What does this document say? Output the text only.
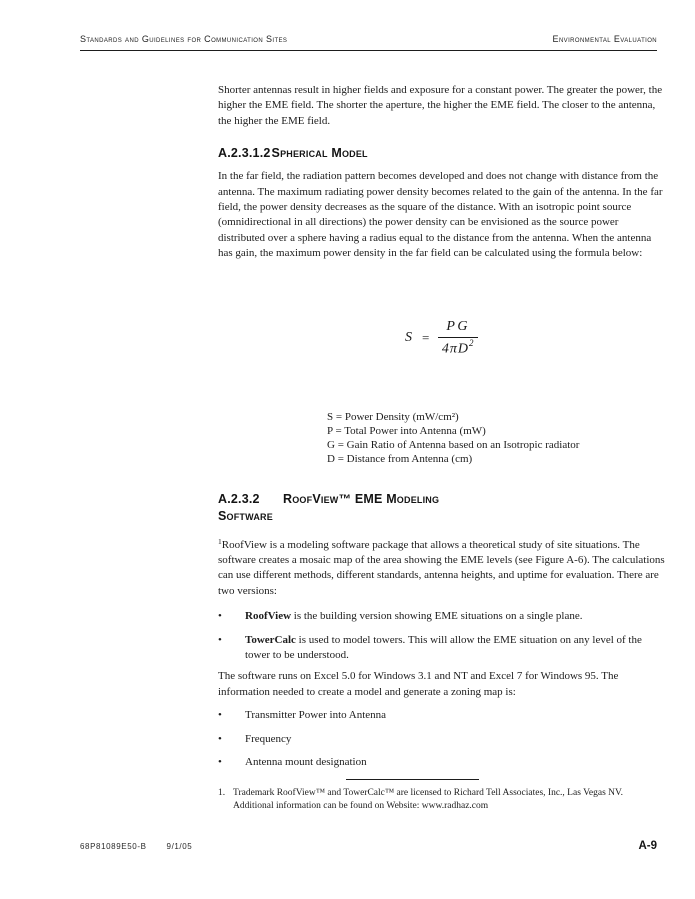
Standards and Guidelines for Communication Sites	Environmental Evaluation

Shorter antennas result in higher fields and exposure for a constant power. The greater the power, the higher the EME field. The shorter the aperture, the higher the EME field. The closer to the antenna, the higher the EME field.

A.2.3.1.2Spherical Model

In the far field, the radiation pattern becomes developed and does not change with distance from the antenna. The maximum radiating power density becomes related to the gain of the antenna. In the far field, the power density decreases as the square of the distance. With an isotropic point source (omnidirectional in all directions) the power density can be envisioned as the source power distributed over a sphere having a radius equal to the distance from the antenna. When the antenna has gain, the maximum power density in the far field can be calculated using the formula below:

$S = \frac{PG}{4\pi D^2}$
S = Power Density (mW/cm²)
P = Total Power into Antenna (mW)
G = Gain Ratio of Antenna based on an Isotropic radiator
D = Distance from Antenna (cm)
A.2.3.2 RoofView™ EME Modeling
Software

$^1$RoofView is a modeling software package that allows a theoretical study of site situations. The software creates a mosaic map of the area showing the EME levels (see Figure A-6). The calculations can use different methods, different standards, antenna heights, and uptime for evaluation. There are two versions:

•	RoofView is the building version showing EME situations on a single plane.
•	TowerCalc is used to model towers. This will allow the EME situation on any level of the tower to be understood.

The software runs on Excel 5.0 for Windows 3.1 and NT and Excel 7 for Windows 95. The information needed to create a model and generate a zoning map is:

•	Transmitter Power into Antenna
•	Frequency
•	Antenna mount designation
1. Trademark RoofView™ and TowerCalc™ are licensed to Richard Tell Associates, Inc., Las Vegas NV.
Additional information can be found on Website: www.radhaz.com
68P81089E50-B	9/1/05	A-9
